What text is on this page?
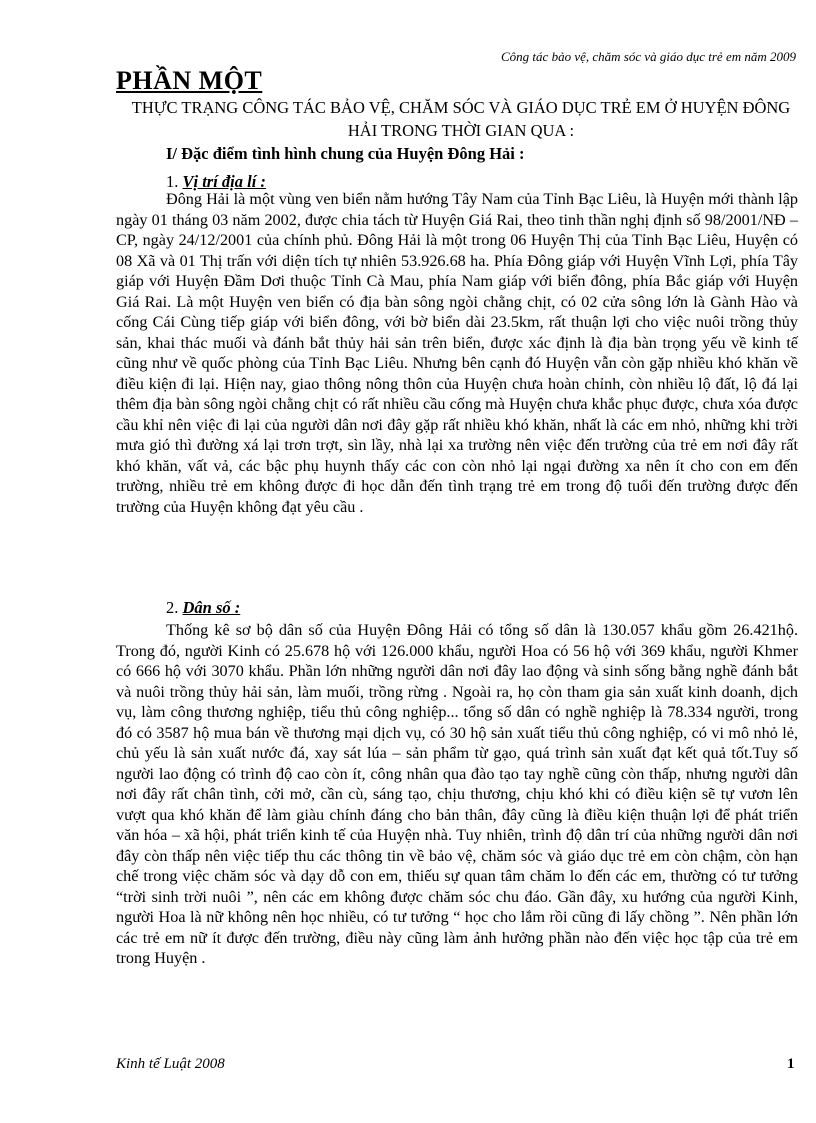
Công tác bảo vệ, chăm sóc và giáo dục trẻ em năm 2009
PHẦN MỘT
THỰC TRẠNG CÔNG TÁC BẢO VỆ, CHĂM SÓC VÀ GIÁO DỤC TRẺ EM Ở HUYỆN ĐÔNG HẢI TRONG THỜI GIAN QUA :
I/ Đặc điểm tình hình chung của Huyện Đông Hải :
1. Vị trí địa lí :

Đông Hải là một vùng ven biển nằm hướng Tây Nam của Tỉnh Bạc Liêu, là Huyện mới thành lập ngày 01 tháng 03 năm 2002, được chia tách từ Huyện Giá Rai, theo tinh thần nghị định số 98/2001/NĐ – CP, ngày 24/12/2001 của chính phủ. Đông Hải là một trong 06 Huyện Thị của Tỉnh Bạc Liêu, Huyện có 08 Xã và 01 Thị trấn với diện tích tự nhiên 53.926.68 ha. Phía Đông giáp với Huyện Vĩnh Lợi, phía Tây giáp với Huyện Đầm Dơi thuộc Tỉnh Cà Mau, phía Nam giáp với biển đông, phía Bắc giáp với Huyện Giá Rai. Là một Huyện ven biển có địa bàn sông ngòi chằng chịt, có 02 cửa sông lớn là Gành Hào và cống Cái Cùng tiếp giáp với biển đông, với bờ biển dài 23.5km, rất thuận lợi cho việc nuôi trồng thủy sản, khai thác muối và đánh bắt thủy hải sản trên biển, được xác định là địa bàn trọng yếu về kinh tế cũng như về quốc phòng của Tỉnh Bạc Liêu. Nhưng bên cạnh đó Huyện vẫn còn gặp nhiều khó khăn về điều kiện đi lại. Hiện nay, giao thông nông thôn của Huyện chưa hoàn chỉnh, còn nhiều lộ đất, lộ đá lại thêm địa bàn sông ngòi chằng chịt có rất nhiều cầu cống mà Huyện chưa khắc phục được, chưa xóa được cầu khỉ nên việc đi lại của người dân nơi đây gặp rất nhiều khó khăn, nhất là các em nhỏ, những khi trời mưa gió thì đường xá lại trơn trợt, sìn lầy, nhà lại xa trường nên việc đến trường của trẻ em nơi đây rất khó khăn, vất vả, các bậc phụ huynh thấy các con còn nhỏ lại ngại đường xa nên ít cho con em đến trường, nhiều trẻ em không được đi học dẫn đến tình trạng trẻ em trong độ tuổi đến trường được đến trường của Huyện không đạt yêu cầu .

2. Dân số :

Thống kê sơ bộ dân số của Huyện Đông Hải có tổng số dân là 130.057 khẩu gồm 26.421hộ. Trong đó, người Kinh có 25.678 hộ với 126.000 khẩu, người Hoa có 56 hộ với 369 khẩu, người Khmer có 666 hộ với 3070 khẩu. Phần lớn những người dân nơi đây lao động và sinh sống bằng nghề đánh bắt và nuôi trồng thủy hải sản, làm muối, trồng rừng . Ngoài ra, họ còn tham gia sản xuất kinh doanh, dịch vụ, làm công thương nghiệp, tiểu thủ công nghiệp... tổng số dân có nghề nghiệp là 78.334 người, trong đó có 3587 hộ mua bán về thương mại dịch vụ, có 30 hộ sản xuất tiểu thủ công nghiệp, có vi mô nhỏ lẻ, chủ yếu là sản xuất nước đá, xay sát lúa – sản phẩm từ gạo, quá trình sản xuất đạt kết quả tốt.Tuy số người lao động có trình độ cao còn ít, công nhân qua đào tạo tay nghề cũng còn thấp, nhưng người dân nơi đây rất chân tình, cởi mở, cần cù, sáng tạo, chịu thương, chịu khó khi có điều kiện sẽ tự vươn lên vượt qua khó khăn để làm giàu chính đáng cho bản thân, đây cũng là điều kiện thuận lợi để phát triển văn hóa – xã hội, phát triển kinh tế của Huyện nhà. Tuy nhiên, trình độ dân trí của những người dân nơi đây còn thấp nên việc tiếp thu các thông tin về bảo vệ, chăm sóc và giáo dục trẻ em còn chậm, còn hạn chế trong việc chăm sóc và dạy dỗ con em, thiếu sự quan tâm chăm lo đến các em, thường có tư tưởng “trời sinh trời nuôi ”, nên các em không được chăm sóc chu đáo. Gần đây, xu hướng của người Kinh, người Hoa là nữ không nên học nhiều, có tư tưởng “ học cho lắm rồi cũng đi lấy chồng ”. Nên phần lớn các trẻ em nữ ít được đến trường, điều này cũng làm ảnh hưởng phần nào đến việc học tập của trẻ em trong Huyện .

Kinh tế Luật 2008	1
